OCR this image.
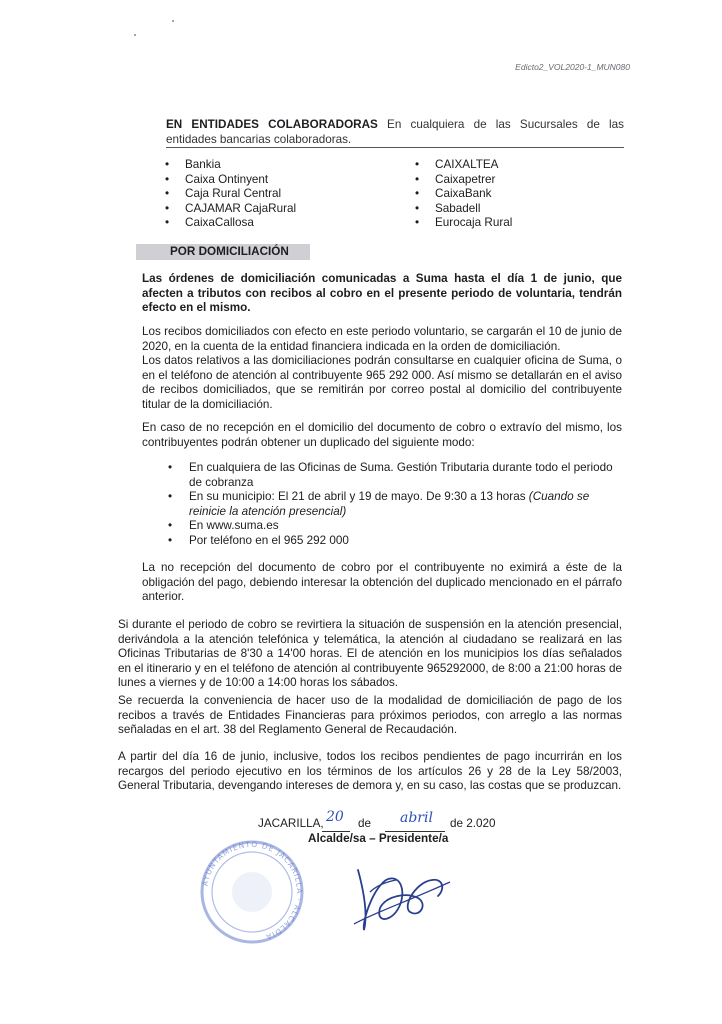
Edicto2_VOL2020-1_MUN080
EN ENTIDADES COLABORADORAS En cualquiera de las Sucursales de las entidades bancarias colaboradoras.
• Bankia
• Caixa Ontinyent
• Caja Rural Central
• CAJAMAR CajaRural
• CaixaCallosa
• CAIXALTEA
• Caixapetrer
• CaixaBank
• Sabadell
• Eurocaja Rural
POR DOMICILIACIÓN
Las órdenes de domiciliación comunicadas a Suma hasta el día 1 de junio, que afecten a tributos con recibos al cobro en el presente periodo de voluntaria, tendrán efecto en el mismo.
Los recibos domiciliados con efecto en este periodo voluntario, se cargarán el 10 de junio de 2020, en la cuenta de la entidad financiera indicada en la orden de domiciliación.
Los datos relativos a las domiciliaciones podrán consultarse en cualquier oficina de Suma, o en el teléfono de atención al contribuyente 965 292 000. Así mismo se detallarán en el aviso de recibos domiciliados, que se remitirán por correo postal al domicilio del contribuyente titular de la domiciliación.
En caso de no recepción en el domicilio del documento de cobro o extravío del mismo, los contribuyentes podrán obtener un duplicado del siguiente modo:
• En cualquiera de las Oficinas de Suma. Gestión Tributaria durante todo el periodo de cobranza
• En su municipio: El 21 de abril y 19 de mayo. De 9:30 a 13 horas (Cuando se reinicie la atención presencial)
• En www.suma.es
• Por teléfono en el 965 292 000
La no recepción del documento de cobro por el contribuyente no eximirá a éste de la obligación del pago, debiendo interesar la obtención del duplicado mencionado en el párrafo anterior.
Si durante el periodo de cobro se revirtiera la situación de suspensión en la atención presencial, derivándola a la atención telefónica y telemática, la atención al ciudadano se realizará en las Oficinas Tributarias de 8'30 a 14'00 horas. El de atención en los municipios los días señalados en el itinerario y en el teléfono de atención al contribuyente 965292000, de 8:00 a 21:00 horas de lunes a viernes y de 10:00 a 14:00 horas los sábados.
Se recuerda la conveniencia de hacer uso de la modalidad de domiciliación de pago de los recibos a través de Entidades Financieras para próximos periodos, con arreglo a las normas señaladas en el art. 38 del Reglamento General de Recaudación.
A partir del día 16 de junio, inclusive, todos los recibos pendientes de pago incurrirán en los recargos del periodo ejecutivo en los términos de los artículos 26 y 28 de la Ley 58/2003, General Tributaria, devengando intereses de demora y, en su caso, las costas que se produzcan.
JACARILLA, 20 de abril de 2.020
Alcalde/sa – Presidente/a
AYUNTAMIENTO DE JACARILLA · ALCALDIA
